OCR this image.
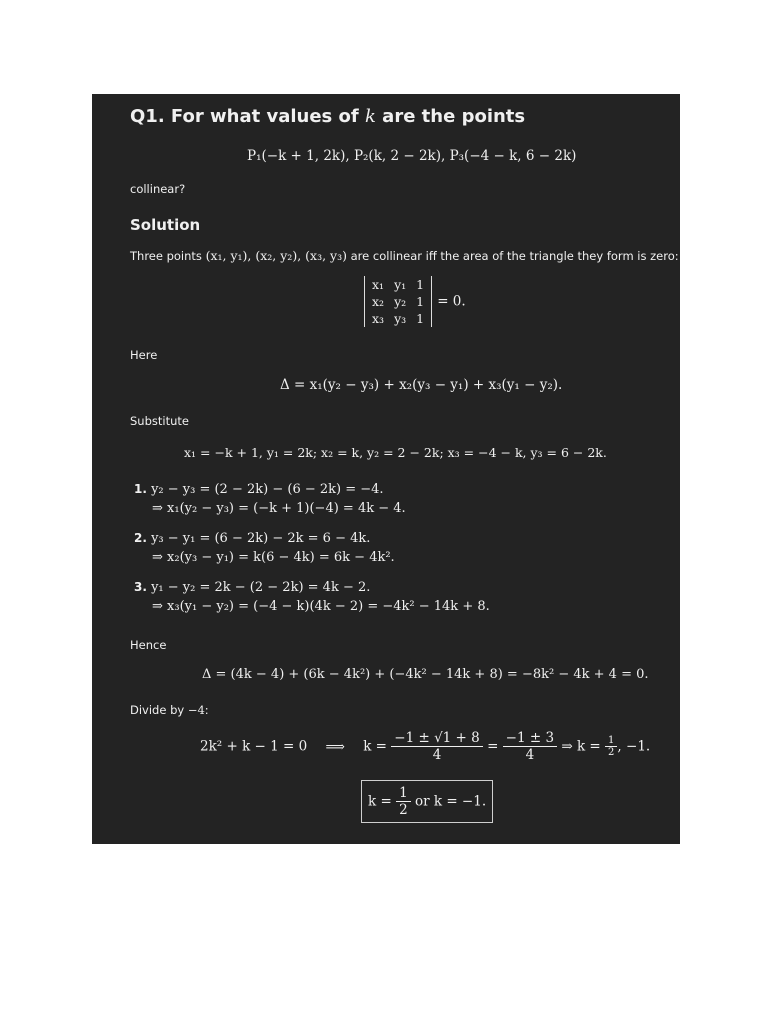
Q1. For what values of k are the points
P₁(−k + 1, 2k), P₂(k, 2 − 2k), P₃(−4 − k, 6 − 2k)
collinear?
Solution
Three points (x₁, y₁), (x₂, y₂), (x₃, y₃) are collinear iff the area of the triangle they form is zero:
x₁	y₁	1
x₂	y₂	1
x₃	y₃	1
= 0.
Here
Δ = x₁(y₂ − y₃) + x₂(y₃ − y₁) + x₃(y₁ − y₂).
Substitute
x₁ = −k + 1, y₁ = 2k; x₂ = k, y₂ = 2 − 2k; x₃ = −4 − k, y₃ = 6 − 2k.
1. y₂ − y₃ = (2 − 2k) − (6 − 2k) = −4.
⇒ x₁(y₂ − y₃) = (−k + 1)(−4) = 4k − 4.
2. y₃ − y₁ = (6 − 2k) − 2k = 6 − 4k.
⇒ x₂(y₃ − y₁) = k(6 − 4k) = 6k − 4k².
3. y₁ − y₂ = 2k − (2 − 2k) = 4k − 2.
⇒ x₃(y₁ − y₂) = (−4 − k)(4k − 2) = −4k² − 14k + 8.
Hence
Δ = (4k − 4) + (6k − 4k²) + (−4k² − 14k + 8) = −8k² − 4k + 4 = 0.
Divide by −4:
2k² + k − 1 = 0 ⟹ $k = \frac{-1 \pm √1 + 8}{4} = \frac{-1 \pm 3}{4}$ ⇒ $k = \frac{1}{2}$ , −1.
$k = \frac{1}{2}$ or k = −1.
